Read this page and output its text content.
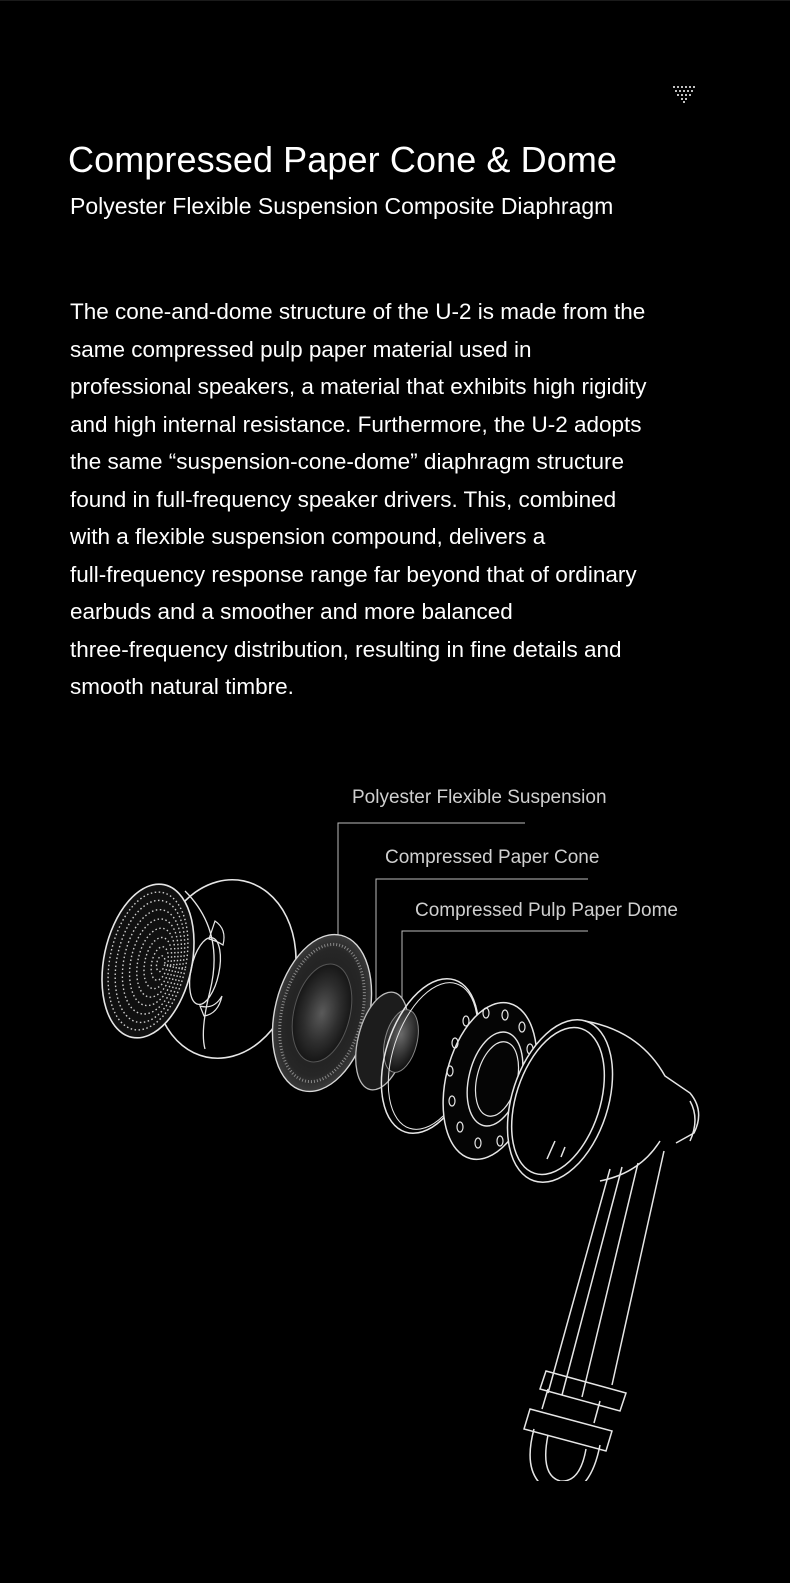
Compressed Paper Cone & Dome
Polyester Flexible Suspension Composite Diaphragm

The cone-and-dome structure of the U-2 is made from the
same compressed pulp paper material used in
professional speakers, a material that exhibits high rigidity
and high internal resistance. Furthermore, the U-2 adopts
the same “suspension-cone-dome” diaphragm structure
found in full-frequency speaker drivers. This, combined
with a flexible suspension compound, delivers a
full-frequency response range far beyond that of ordinary
earbuds and a smoother and more balanced
three-frequency distribution, resulting in fine details and
smooth natural timbre.

Polyester Flexible Suspension

Compressed Paper Cone

Compressed Pulp Paper Dome
